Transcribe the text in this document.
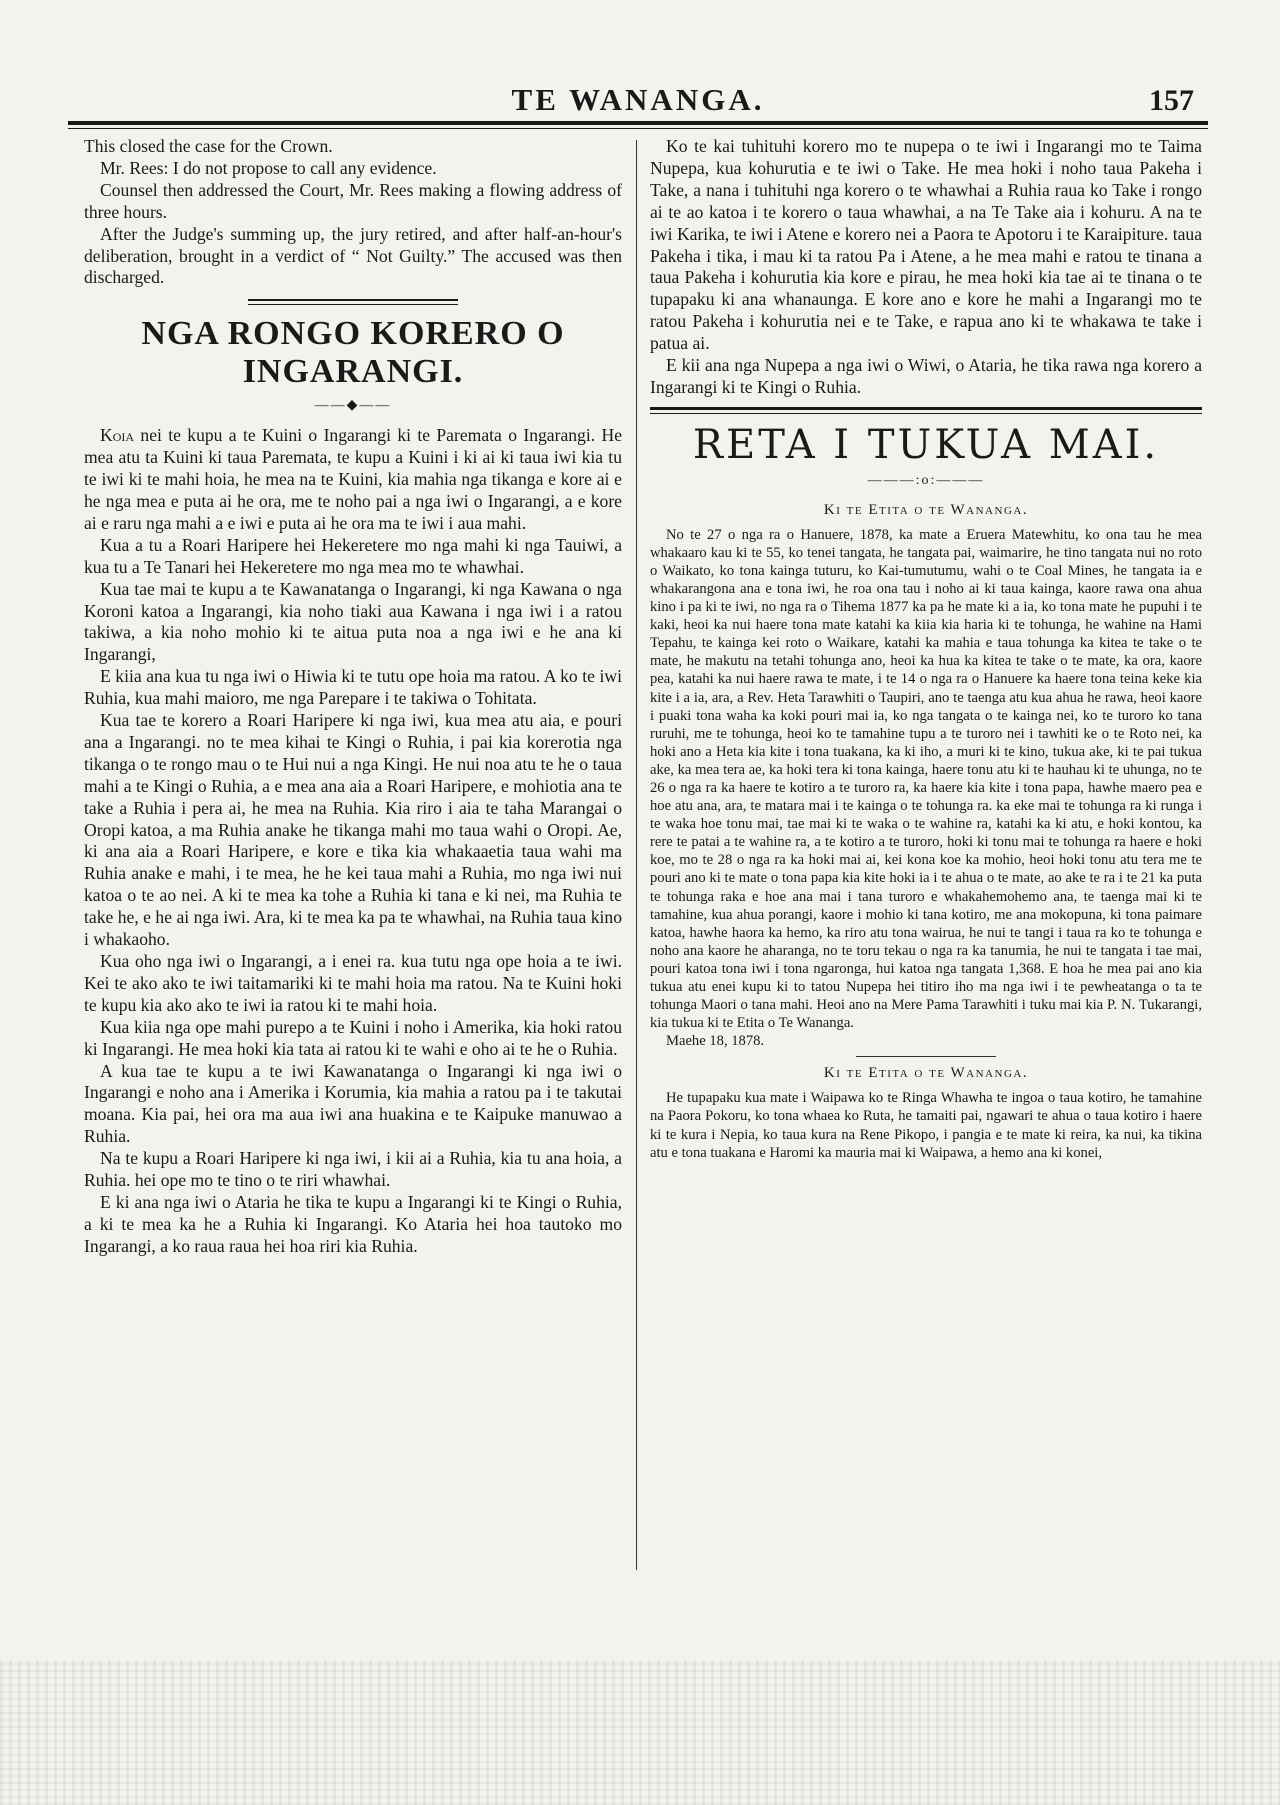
TE WANANGA.	157

This closed the case for the Crown.

Mr. Rees: I do not propose to call any evidence.

Counsel then addressed the Court, Mr. Rees making a flowing address of three hours.

After the Judge's summing up, the jury retired, and after half-an-hour's deliberation, brought in a verdict of “ Not Guilty.” The accused was then discharged.

NGA RONGO KORERO O
INGARANGI.
——◆——

Koia nei te kupu a te Kuini o Ingarangi ki te Paremata o Ingarangi. He mea atu ta Kuini ki taua Paremata, te kupu a Kuini i ki ai ki taua iwi kia tu te iwi ki te mahi hoia, he mea na te Kuini, kia mahia nga tikanga e kore ai e he nga mea e puta ai he ora, me te noho pai a nga iwi o Ingarangi, a e kore ai e raru nga mahi a e iwi e puta ai he ora ma te iwi i aua mahi.

Kua a tu a Roari Haripere hei Hekeretere mo nga mahi ki nga Tauiwi, a kua tu a Te Tanari hei Hekeretere mo nga mea mo te whawhai.

Kua tae mai te kupu a te Kawanatanga o Ingarangi, ki nga Kawana o nga Koroni katoa a Ingarangi, kia noho tiaki aua Kawana i nga iwi i a ratou takiwa, a kia noho mohio ki te aitua puta noa a nga iwi e he ana ki Ingarangi,

E kiia ana kua tu nga iwi o Hiwia ki te tutu ope hoia ma ratou. A ko te iwi Ruhia, kua mahi maioro, me nga Parepare i te takiwa o Tohitata.

Kua tae te korero a Roari Haripere ki nga iwi, kua mea atu aia, e pouri ana a Ingarangi. no te mea kihai te Kingi o Ruhia, i pai kia korerotia nga tikanga o te rongo mau o te Hui nui a nga Kingi. He nui noa atu te he o taua mahi a te Kingi o Ruhia, a e mea ana aia a Roari Haripere, e mohiotia ana te take a Ruhia i pera ai, he mea na Ruhia. Kia riro i aia te taha Marangai o Oropi katoa, a ma Ruhia anake he tikanga mahi mo taua wahi o Oropi. Ae, ki ana aia a Roari Haripere, e kore e tika kia whakaaetia taua wahi ma Ruhia anake e mahi, i te mea, he he kei taua mahi a Ruhia, mo nga iwi nui katoa o te ao nei. A ki te mea ka tohe a Ruhia ki tana e ki nei, ma Ruhia te take he, e he ai nga iwi. Ara, ki te mea ka pa te whawhai, na Ruhia taua kino i whakaoho.

Kua oho nga iwi o Ingarangi, a i enei ra. kua tutu nga ope hoia a te iwi. Kei te ako ako te iwi taitamariki ki te mahi hoia ma ratou. Na te Kuini hoki te kupu kia ako ako te iwi ia ratou ki te mahi hoia.

Kua kiia nga ope mahi purepo a te Kuini i noho i Amerika, kia hoki ratou ki Ingarangi. He mea hoki kia tata ai ratou ki te wahi e oho ai te he o Ruhia.

A kua tae te kupu a te iwi Kawanatanga o Ingarangi ki nga iwi o Ingarangi e noho ana i Amerika i Korumia, kia mahia a ratou pa i te takutai moana. Kia pai, hei ora ma aua iwi ana huakina e te Kaipuke manuwao a Ruhia.

Na te kupu a Roari Haripere ki nga iwi, i kii ai a Ruhia, kia tu ana hoia, a Ruhia. hei ope mo te tino o te riri whawhai.

E ki ana nga iwi o Ataria he tika te kupu a Ingarangi ki te Kingi o Ruhia, a ki te mea ka he a Ruhia ki Ingarangi. Ko Ataria hei hoa tautoko mo Ingarangi, a ko raua raua hei hoa riri kia Ruhia.

Ko te kai tuhituhi korero mo te nupepa o te iwi i Ingarangi mo te Taima Nupepa, kua kohurutia e te iwi o Take. He mea hoki i noho taua Pakeha i Take, a nana i tuhituhi nga korero o te whawhai a Ruhia raua ko Take i rongo ai te ao katoa i te korero o taua whawhai, a na Te Take aia i kohuru. A na te iwi Karika, te iwi i Atene e korero nei a Paora te Apotoru i te Karaipiture. taua Pakeha i tika, i mau ki ta ratou Pa i Atene, a he mea mahi e ratou te tinana a taua Pakeha i kohurutia kia kore e pirau, he mea hoki kia tae ai te tinana o te tupapaku ki ana whanaunga. E kore ano e kore he mahi a Ingarangi mo te ratou Pakeha i kohurutia nei e te Take, e rapua ano ki te whakawa te take i patua ai.

E kii ana nga Nupepa a nga iwi o Wiwi, o Ataria, he tika rawa nga korero a Ingarangi ki te Kingi o Ruhia.

RETA I TUKUA MAI.
———:o:———
Ki te Etita o te Wananga.

No te 27 o nga ra o Hanuere, 1878, ka mate a Eruera Matewhitu, ko ona tau he mea whakaaro kau ki te 55, ko tenei tangata, he tangata pai, waimarire, he tino tangata nui no roto o Waikato, ko tona kainga tuturu, ko Kai-tumutumu, wahi o te Coal Mines, he tangata ia e whakarangona ana e tona iwi, he roa ona tau i noho ai ki taua kainga, kaore rawa ona ahua kino i pa ki te iwi, no nga ra o Tihema 1877 ka pa he mate ki a ia, ko tona mate he pupuhi i te kaki, heoi ka nui haere tona mate katahi ka kiia kia haria ki te tohunga, he wahine na Hami Tepahu, te kainga kei roto o Waikare, katahi ka mahia e taua tohunga ka kitea te take o te mate, he makutu na tetahi tohunga ano, heoi ka hua ka kitea te take o te mate, ka ora, kaore pea, katahi ka nui haere rawa te mate, i te 14 o nga ra o Hanuere ka haere tona teina keke kia kite i a ia, ara, a Rev. Heta Tarawhiti o Taupiri, ano te taenga atu kua ahua he rawa, heoi kaore i puaki tona waha ka koki pouri mai ia, ko nga tangata o te kainga nei, ko te turoro ko tana ruruhi, me te tohunga, heoi ko te tamahine tupu a te turoro nei i tawhiti ke o te Roto nei, ka hoki ano a Heta kia kite i tona tuakana, ka ki iho, a muri ki te kino, tukua ake, ki te pai tukua ake, ka mea tera ae, ka hoki tera ki tona kainga, haere tonu atu ki te hauhau ki te uhunga, no te 26 o nga ra ka haere te kotiro a te turoro ra, ka haere kia kite i tona papa, hawhe maero pea e hoe atu ana, ara, te matara mai i te kainga o te tohunga ra. ka eke mai te tohunga ra ki runga i te waka hoe tonu mai, tae mai ki te waka o te wahine ra, katahi ka ki atu, e hoki kontou, ka rere te patai a te wahine ra, a te kotiro a te turoro, hoki ki tonu mai te tohunga ra haere e hoki koe, mo te 28 o nga ra ka hoki mai ai, kei kona koe ka mohio, heoi hoki tonu atu tera me te pouri ano ki te mate o tona papa kia kite hoki ia i te ahua o te mate, ao ake te ra i te 21 ka puta te tohunga raka e hoe ana mai i tana turoro e whakahemohemo ana, te taenga mai ki te tamahine, kua ahua porangi, kaore i mohio ki tana kotiro, me ana mokopuna, ki tona paimare katoa, hawhe haora ka hemo, ka riro atu tona wairua, he nui te tangi i taua ra ko te tohunga e noho ana kaore he aharanga, no te toru tekau o nga ra ka tanumia, he nui te tangata i tae mai, pouri katoa tona iwi i tona ngaronga, hui katoa nga tangata 1,368. E hoa he mea pai ano kia tukua atu enei kupu ki to tatou Nupepa hei titiro iho ma nga iwi i te pewheatanga o ta te tohunga Maori o tana mahi. Heoi ano na Mere Pama Tarawhiti i tuku mai kia P. N. Tukarangi, kia tukua ki te Etita o Te Wananga.

Maehe 18, 1878.

Ki te Etita o te Wananga.

He tupapaku kua mate i Waipawa ko te Ringa Whawha te ingoa o taua kotiro, he tamahine na Paora Pokoru, ko tona whaea ko Ruta, he tamaiti pai, ngawari te ahua o taua kotiro i haere ki te kura i Nepia, ko taua kura na Rene Pikopo, i pangia e te mate ki reira, ka nui, ka tikina atu e tona tuakana e Haromi ka mauria mai ki Waipawa, a hemo ana ki konei,
